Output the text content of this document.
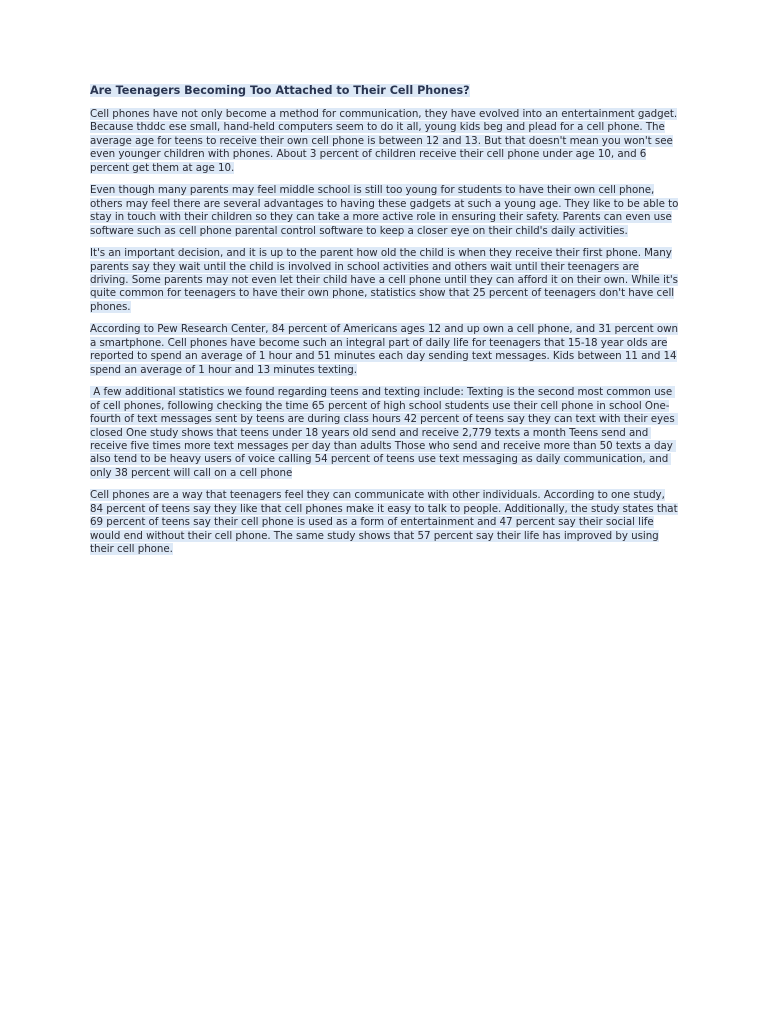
Are Teenagers Becoming Too Attached to Their Cell Phones?
Cell phones have not only become a method for communication, they have evolved into an entertainment gadget. Because thddc ese small, hand-held computers seem to do it all, young kids beg and plead for a cell phone. The average age for teens to receive their own cell phone is between 12 and 13. But that doesn't mean you won't see even younger children with phones. About 3 percent of children receive their cell phone under age 10, and 6 percent get them at age 10.
Even though many parents may feel middle school is still too young for students to have their own cell phone, others may feel there are several advantages to having these gadgets at such a young age. They like to be able to stay in touch with their children so they can take a more active role in ensuring their safety. Parents can even use software such as cell phone parental control software to keep a closer eye on their child's daily activities.
It's an important decision, and it is up to the parent how old the child is when they receive their first phone. Many parents say they wait until the child is involved in school activities and others wait until their teenagers are driving. Some parents may not even let their child have a cell phone until they can afford it on their own. While it's quite common for teenagers to have their own phone, statistics show that 25 percent of teenagers don't have cell phones.
According to Pew Research Center, 84 percent of Americans ages 12 and up own a cell phone, and 31 percent own a smartphone. Cell phones have become such an integral part of daily life for teenagers that 15-18 year olds are reported to spend an average of 1 hour and 51 minutes each day sending text messages. Kids between 11 and 14 spend an average of 1 hour and 13 minutes texting.
A few additional statistics we found regarding teens and texting include: Texting is the second most common use of cell phones, following checking the time 65 percent of high school students use their cell phone in school One-fourth of text messages sent by teens are during class hours 42 percent of teens say they can text with their eyes closed One study shows that teens under 18 years old send and receive 2,779 texts a month Teens send and receive five times more text messages per day than adults Those who send and receive more than 50 texts a day also tend to be heavy users of voice calling 54 percent of teens use text messaging as daily communication, and only 38 percent will call on a cell phone
Cell phones are a way that teenagers feel they can communicate with other individuals. According to one study, 84 percent of teens say they like that cell phones make it easy to talk to people. Additionally, the study states that 69 percent of teens say their cell phone is used as a form of entertainment and 47 percent say their social life would end without their cell phone. The same study shows that 57 percent say their life has improved by using their cell phone.
